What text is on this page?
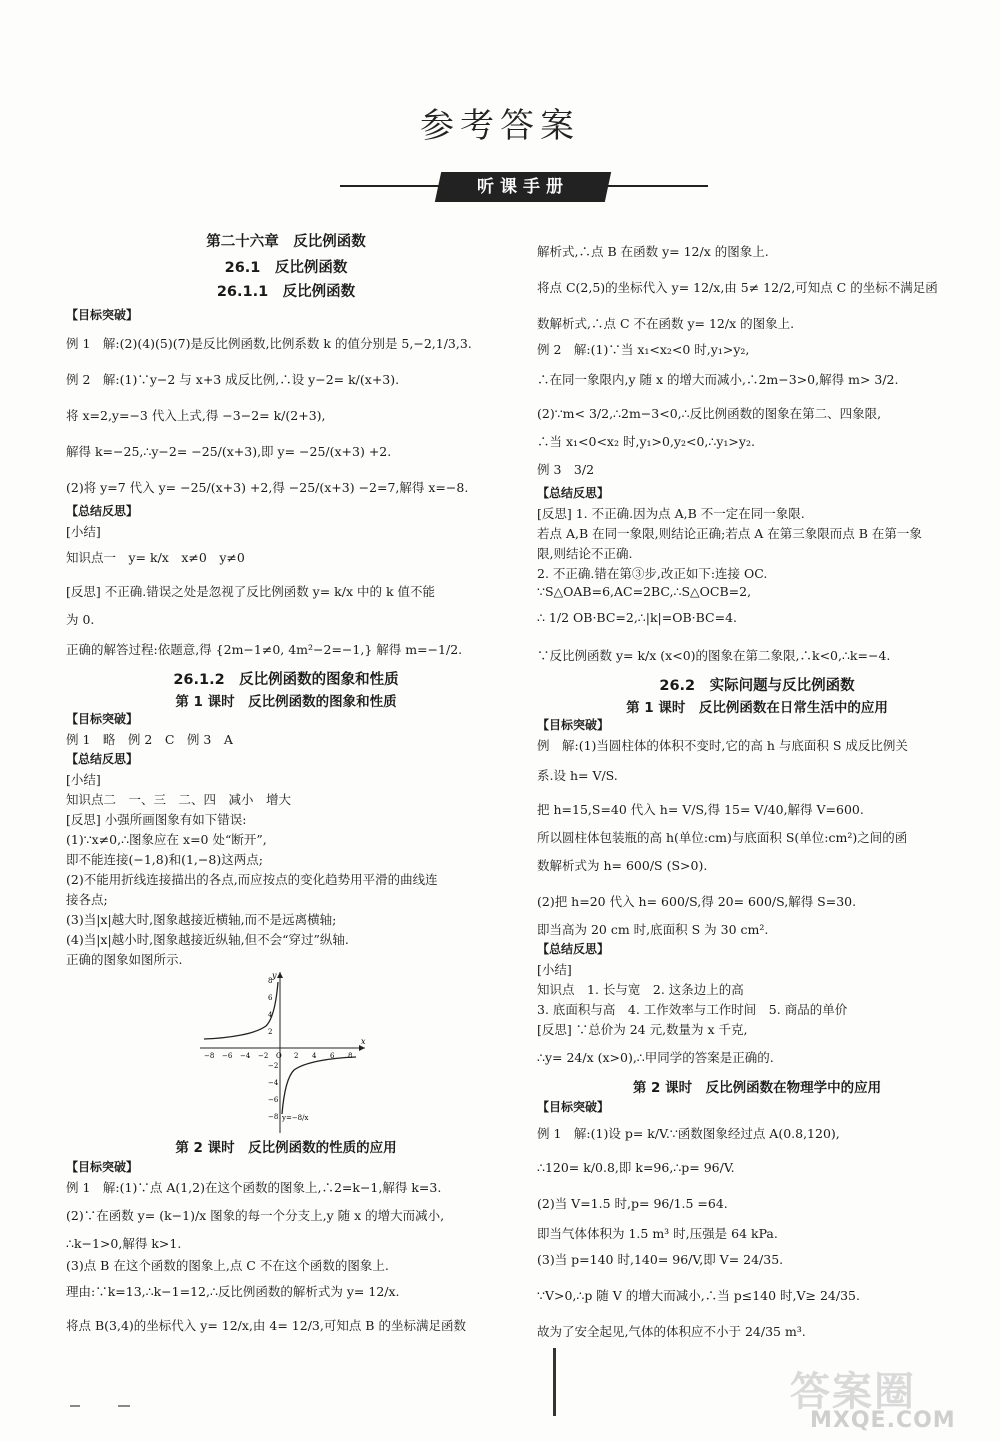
参考答案
听课手册
第二十六章　反比例函数
26.1　反比例函数
26.1.1　反比例函数
【目标突破】
例 1　解:(2)(4)(5)(7)是反比例函数,比例系数 k 的值分别是 5,−2,1/3,3.
例 2　解:(1)∵y−2 与 x+3 成反比例,∴设 y−2= k/(x+3).
将 x=2,y=−3 代入上式,得 −3−2= k/(2+3),
解得 k=−25,∴y−2= −25/(x+3),即 y= −25/(x+3) +2.
(2)将 y=7 代入 y= −25/(x+3) +2,得 −25/(x+3) −2=7,解得 x=−8.
【总结反思】
[小结]
知识点一　y= k/x　x≠0　y≠0
[反思] 不正确.错误之处是忽视了反比例函数 y= k/x 中的 k 值不能
为 0.
正确的解答过程:依题意,得 {2m−1≠0, 4m²−2=−1,} 解得 m=−1/2.
26.1.2　反比例函数的图象和性质
第 1 课时　反比例函数的图象和性质
【目标突破】
例 1　略　例 2　C　例 3　A
【总结反思】
[小结]
知识点二　一、三　二、四　减小　增大
[反思] 小强所画图象有如下错误:
(1)∵x≠0,∴图象应在 x=0 处“断开”,
即不能连接(−1,8)和(1,−8)这两点;
(2)不能用折线连接描出的各点,而应按点的变化趋势用平滑的曲线连
接各点;
(3)当|x|越大时,图象越接近横轴,而不是远离横轴;
(4)当|x|越小时,图象越接近纵轴,但不会“穿过”纵轴.
正确的图象如图所示.
第 2 课时　反比例函数的性质的应用
【目标突破】
例 1　解:(1)∵点 A(1,2)在这个函数的图象上,∴2=k−1,解得 k=3.
(2)∵在函数 y= (k−1)/x 图象的每一个分支上,y 随 x 的增大而减小,
∴k−1>0,解得 k>1.
(3)点 B 在这个函数的图象上,点 C 不在这个函数的图象上.
理由:∵k=13,∴k−1=12,∴反比例函数的解析式为 y= 12/x.
将点 B(3,4)的坐标代入 y= 12/x,由 4= 12/3,可知点 B 的坐标满足函数
解析式,∴点 B 在函数 y= 12/x 的图象上.
将点 C(2,5)的坐标代入 y= 12/x,由 5≠ 12/2,可知点 C 的坐标不满足函
数解析式,∴点 C 不在函数 y= 12/x 的图象上.
例 2　解:(1)∵当 x₁<x₂<0 时,y₁>y₂,
∴在同一象限内,y 随 x 的增大而减小,∴2m−3>0,解得 m> 3/2.
(2)∵m< 3/2,∴2m−3<0,∴反比例函数的图象在第二、四象限,
∴当 x₁<0<x₂ 时,y₁>0,y₂<0,∴y₁>y₂.
例 3　3/2
【总结反思】
[反思] 1. 不正确.因为点 A,B 不一定在同一象限.
若点 A,B 在同一象限,则结论正确;若点 A 在第三象限而点 B 在第一象
限,则结论不正确.
2. 不正确.错在第③步,改正如下:连接 OC.
∵S△OAB=6,AC=2BC,∴S△OCB=2,
∴ 1/2 OB·BC=2,∴|k|=OB·BC=4.
∵反比例函数 y= k/x (x<0)的图象在第二象限,∴k<0,∴k=−4.
26.2　实际问题与反比例函数
第 1 课时　反比例函数在日常生活中的应用
【目标突破】
例　解:(1)当圆柱体的体积不变时,它的高 h 与底面积 S 成反比例关
系.设 h= V/S.
把 h=15,S=40 代入 h= V/S,得 15= V/40,解得 V=600.
所以圆柱体包装瓶的高 h(单位:cm)与底面积 S(单位:cm²)之间的函
数解析式为 h= 600/S (S>0).
(2)把 h=20 代入 h= 600/S,得 20= 600/S,解得 S=30.
即当高为 20 cm 时,底面积 S 为 30 cm².
【总结反思】
[小结]
知识点　1. 长与宽　2. 这条边上的高
3. 底面积与高　4. 工作效率与工作时间　5. 商品的单价
[反思] ∵总价为 24 元,数量为 x 千克,
∴y= 24/x (x>0),∴甲同学的答案是正确的.
第 2 课时　反比例函数在物理学中的应用
【目标突破】
例 1　解:(1)设 p= k/V.∵函数图象经过点 A(0.8,120),
∴120= k/0.8,即 k=96,∴p= 96/V.
(2)当 V=1.5 时,p= 96/1.5 =64.
即当气体体积为 1.5 m³ 时,压强是 64 kPa.
(3)当 p=140 时,140= 96/V,即 V= 24/35.
∵V>0,∴p 随 V 的增大而减小,∴当 p≤140 时,V≥ 24/35.
故为了安全起见,气体的体积应不小于 24/35 m³.
y
x
−8 −6 −4 −2 O 2 4 6 8
8
6
4
2
−2
−4
−6
−8 y=−8/x
答案圈
MXQE.COM
